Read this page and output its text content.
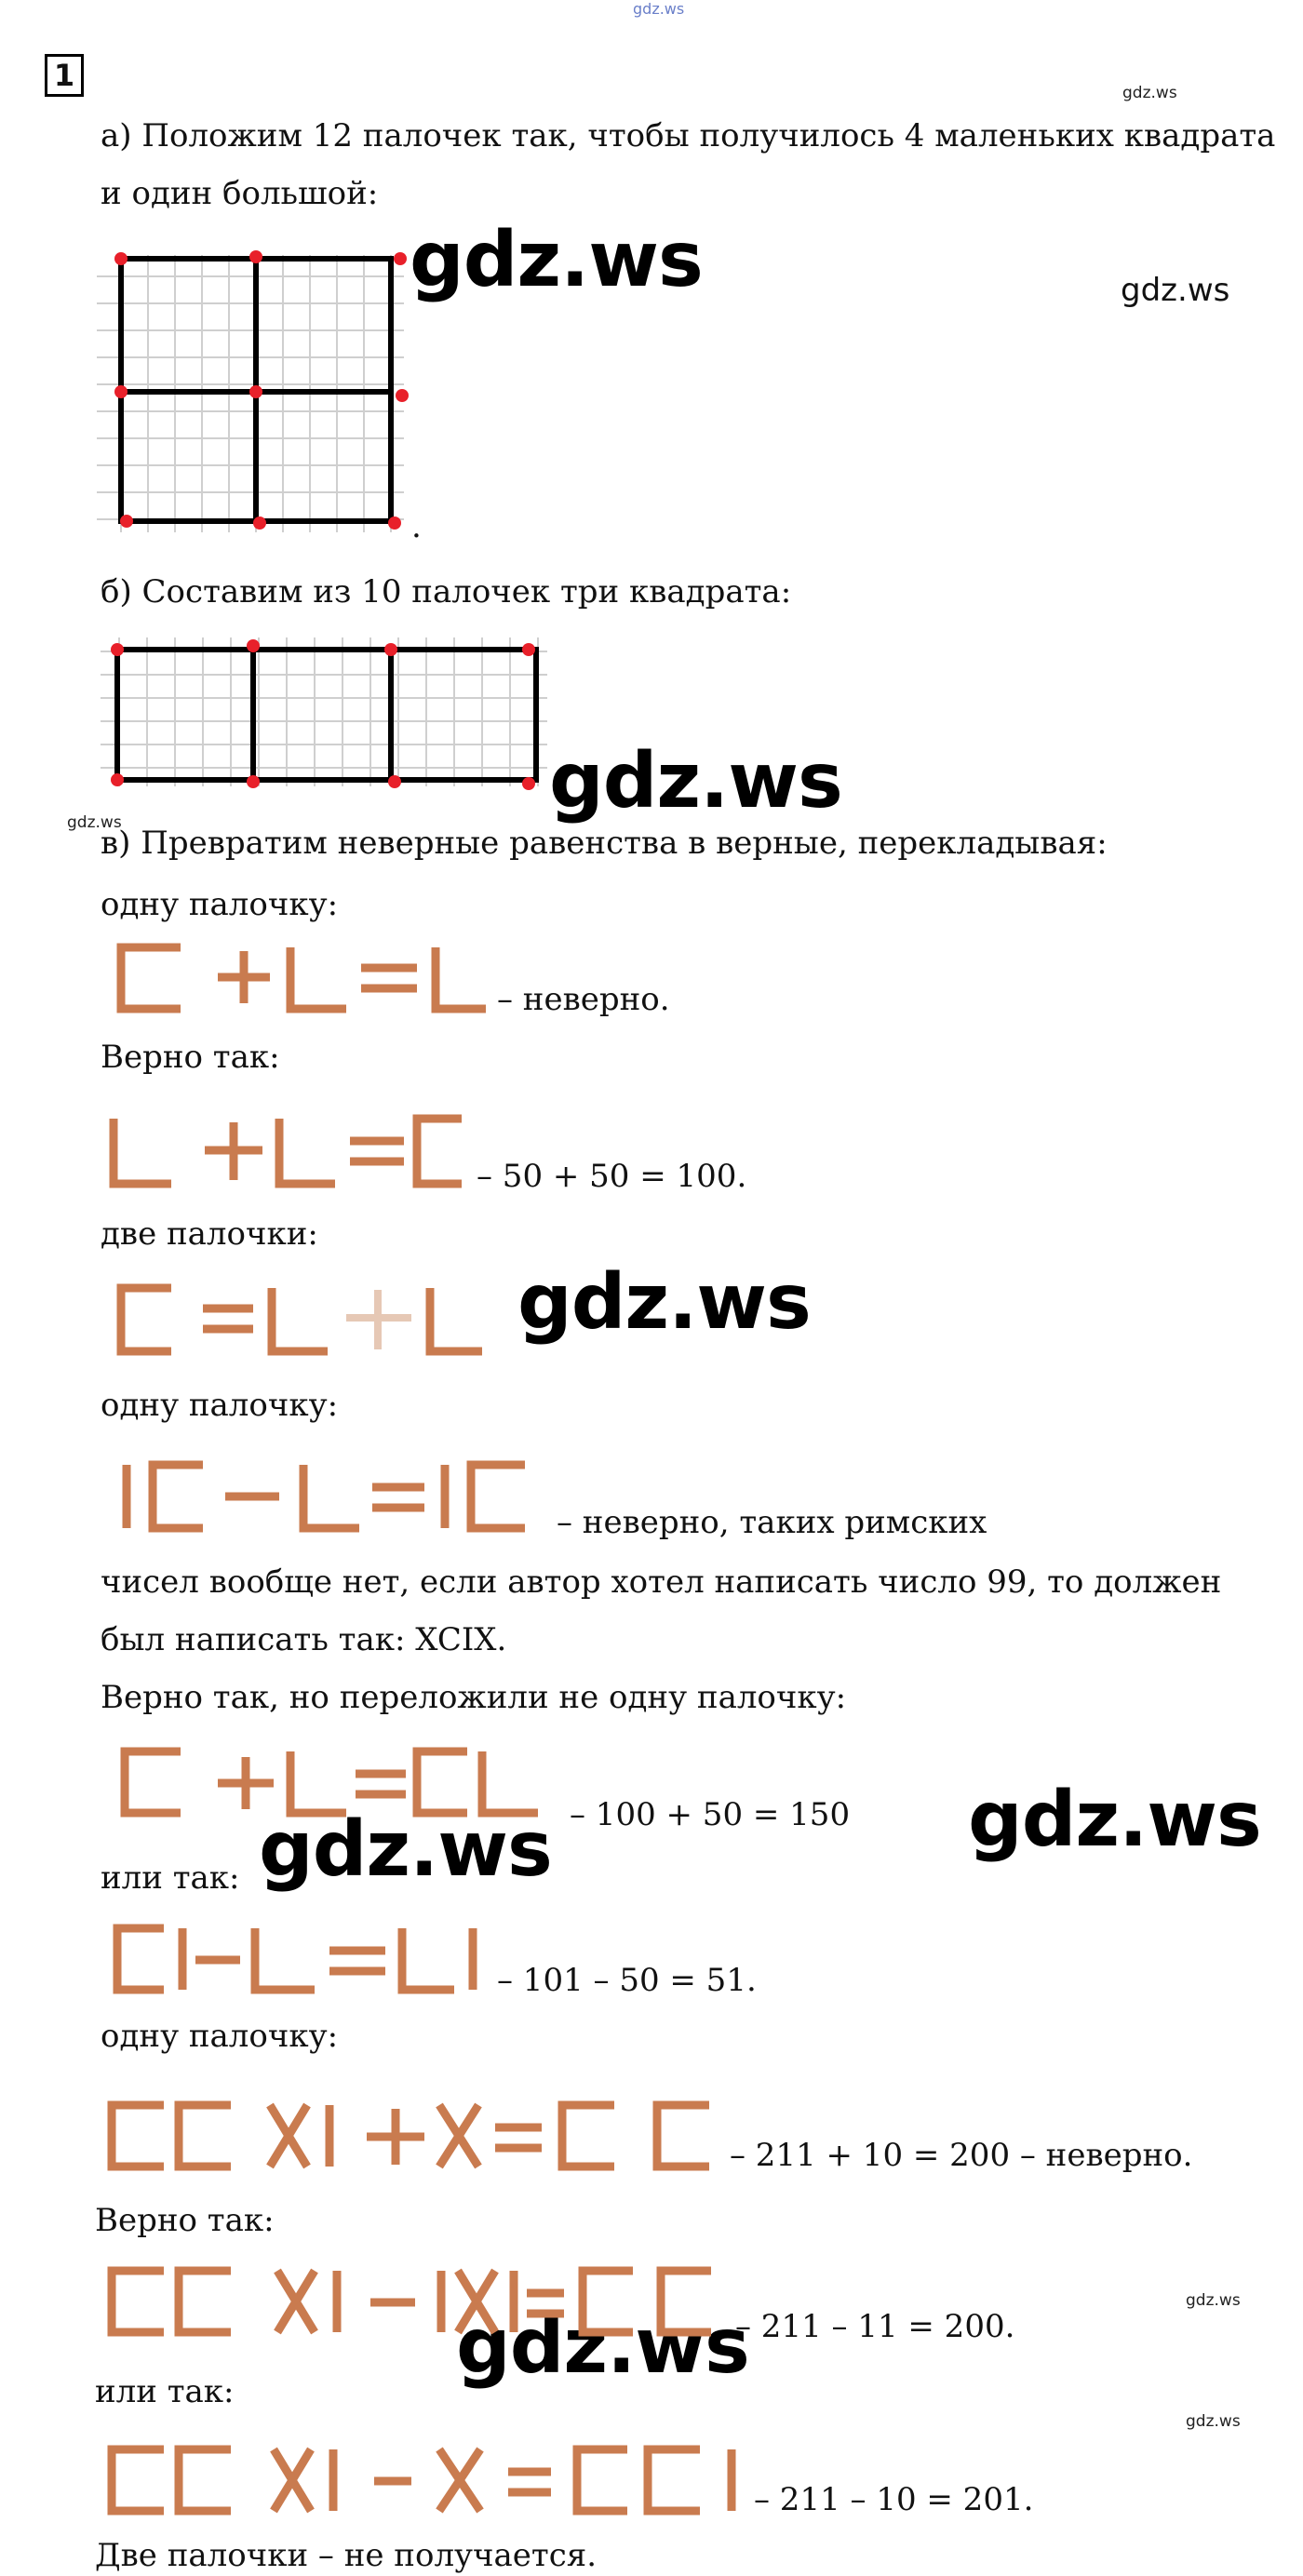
gdz.ws
gdz.ws
gdz.ws	gdz.ws
gdz.ws
gdz.ws
gdz.ws
gdz.ws
gdz.ws
gdz.ws
gdz.ws
gdz.ws
1
а) Положим 12 палочек так, чтобы получилось 4 маленьких квадрата
и один большой:
.
б) Составим из 10 палочек три квадрата:
в) Превратим неверные равенства в верные, перекладывая:
одну палочку:
– неверно.
Верно так:
– 50 + 50 = 100.
две палочки:
одну палочку:
– неверно, таких римских
чисел вообще нет, если автор хотел написать число 99, то должен
был написать так: XCIX.
Верно так, но переложили не одну палочку:
– 100 + 50 = 150
или так:
– 101 – 50 = 51.
одну палочку:
– 211 + 10 = 200 – неверно.
Верно так:
– 211 – 11 = 200.
или так:
– 211 – 10 = 201.
Две палочки – не получается.
